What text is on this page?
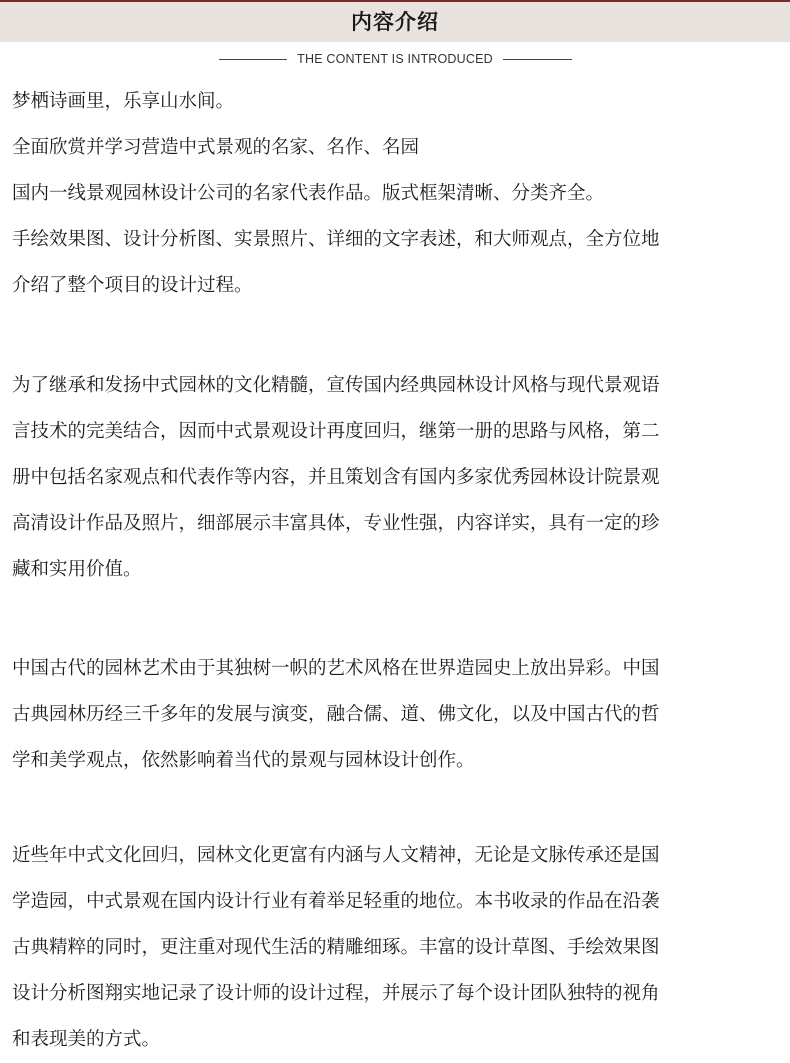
内容介绍
THE CONTENT IS INTRODUCED
梦栖诗画里，乐享山水间。
全面欣赏并学习营造中式景观的名家、名作、名园
国内一线景观园林设计公司的名家代表作品。版式框架清晰、分类齐全。
手绘效果图、设计分析图、实景照片、详细的文字表述，和大师观点，全方位地
介绍了整个项目的设计过程。
为了继承和发扬中式园林的文化精髓，宣传国内经典园林设计风格与现代景观语
言技术的完美结合，因而中式景观设计再度回归，继第一册的思路与风格，第二
册中包括名家观点和代表作等内容，并且策划含有国内多家优秀园林设计院景观
高清设计作品及照片，细部展示丰富具体，专业性强，内容详实，具有一定的珍
藏和实用价值。
中国古代的园林艺术由于其独树一帜的艺术风格在世界造园史上放出异彩。中国
古典园林历经三千多年的发展与演变，融合儒、道、佛文化，以及中国古代的哲
学和美学观点，依然影响着当代的景观与园林设计创作。
近些年中式文化回归，园林文化更富有内涵与人文精神，无论是文脉传承还是国
学造园，中式景观在国内设计行业有着举足轻重的地位。本书收录的作品在沿袭
古典精粹的同时，更注重对现代生活的精雕细琢。丰富的设计草图、手绘效果图
设计分析图翔实地记录了设计师的设计过程，并展示了每个设计团队独特的视角
和表现美的方式。
